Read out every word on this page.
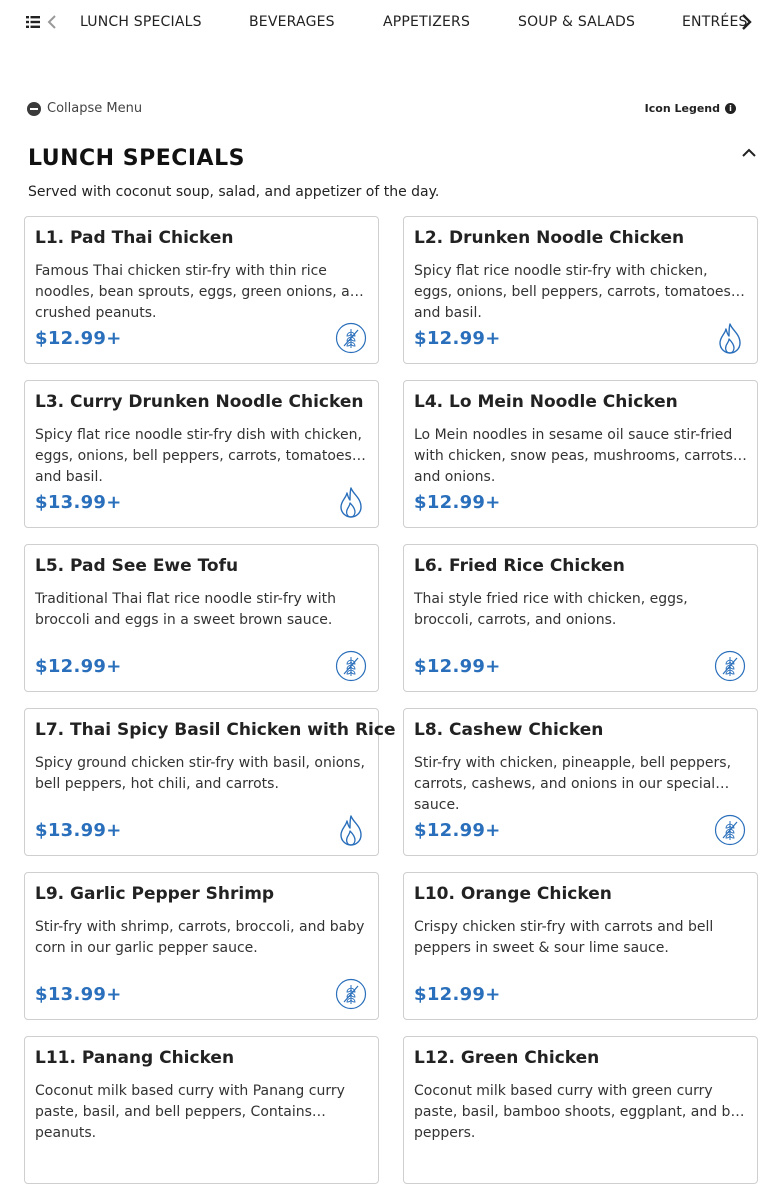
LUNCH SPECIALS	BEVERAGES	APPETIZERS	SOUP & SALADS	ENTRÉES
Collapse Menu	Icon Legend	i
LUNCH SPECIALS
Served with coconut soup, salad, and appetizer of the day.
L1. Pad Thai Chicken
Famous Thai chicken stir-fry with thin rice noodles, bean sprouts, eggs, green onions, and crushed peanuts.
$12.99+
L2. Drunken Noodle Chicken
Spicy flat rice noodle stir-fry with chicken, eggs, onions, bell peppers, carrots, tomatoes and basil.
$12.99+
L3. Curry Drunken Noodle Chicken
Spicy flat rice noodle stir-fry dish with chicken, eggs, onions, bell peppers, carrots, tomatoes and basil.
$13.99+
L4. Lo Mein Noodle Chicken
Lo Mein noodles in sesame oil sauce stir-fried with chicken, snow peas, mushrooms, carrots and onions.
$12.99+
L5. Pad See Ewe Tofu
Traditional Thai flat rice noodle stir-fry with broccoli and eggs in a sweet brown sauce.
$12.99+
L6. Fried Rice Chicken
Thai style fried rice with chicken, eggs, broccoli, carrots, and onions.
$12.99+
L7. Thai Spicy Basil Chicken with Rice
Spicy ground chicken stir-fry with basil, onions, bell peppers, hot chili, and carrots.
$13.99+
L8. Cashew Chicken
Stir-fry with chicken, pineapple, bell peppers, carrots, cashews, and onions in our special sauce.
$12.99+
L9. Garlic Pepper Shrimp
Stir-fry with shrimp, carrots, broccoli, and baby corn in our garlic pepper sauce.
$13.99+
L10. Orange Chicken
Crispy chicken stir-fry with carrots and bell peppers in sweet & sour lime sauce.
$12.99+
L11. Panang Chicken
Coconut milk based curry with Panang curry paste, basil, and bell peppers, Contains peanuts.
L12. Green Chicken
Coconut milk based curry with green curry paste, basil, bamboo shoots, eggplant, and bell peppers.
